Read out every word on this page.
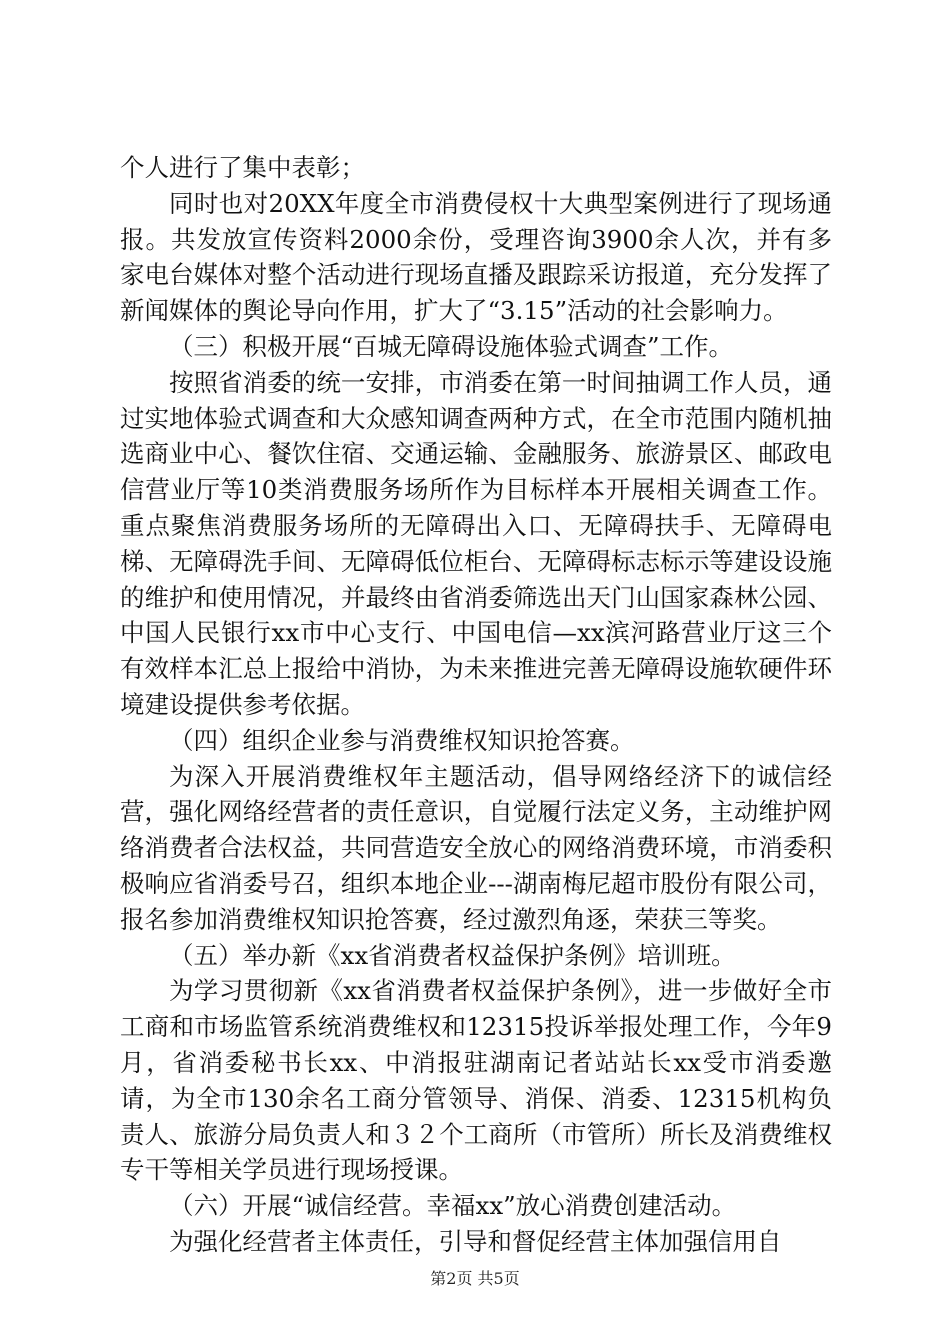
个人进行了集中表彰；

同时也对20XX年度全市消费侵权十大典型案例进行了现场通报。共发放宣传资料2000余份，受理咨询3900余人次，并有多家电台媒体对整个活动进行现场直播及跟踪采访报道，充分发挥了新闻媒体的舆论导向作用，扩大了“3.15”活动的社会影响力。

（三）积极开展“百城无障碍设施体验式调查”工作。

按照省消委的统一安排，市消委在第一时间抽调工作人员，通过实地体验式调查和大众感知调查两种方式，在全市范围内随机抽选商业中心、餐饮住宿、交通运输、金融服务、旅游景区、邮政电信营业厅等10类消费服务场所作为目标样本开展相关调查工作。重点聚焦消费服务场所的无障碍出入口、无障碍扶手、无障碍电梯、无障碍洗手间、无障碍低位柜台、无障碍标志标示等建设设施的维护和使用情况，并最终由省消委筛选出天门山国家森林公园、中国人民银行xx市中心支行、中国电信—xx滨河路营业厅这三个有效样本汇总上报给中消协，为未来推进完善无障碍设施软硬件环境建设提供参考依据。

（四）组织企业参与消费维权知识抢答赛。

为深入开展消费维权年主题活动，倡导网络经济下的诚信经营，强化网络经营者的责任意识，自觉履行法定义务，主动维护网络消费者合法权益，共同营造安全放心的网络消费环境，市消委积极响应省消委号召，组织本地企业---湖南梅尼超市股份有限公司，报名参加消费维权知识抢答赛，经过激烈角逐，荣获三等奖。

（五）举办新《xx省消费者权益保护条例》培训班。

为学习贯彻新《xx省消费者权益保护条例》，进一步做好全市工商和市场监管系统消费维权和12315投诉举报处理工作，今年9月，省消委秘书长xx、中消报驻湖南记者站站长xx受市消委邀请，为全市130余名工商分管领导、消保、消委、12315机构负责人、旅游分局负责人和３２个工商所（市管所）所长及消费维权专干等相关学员进行现场授课。

（六）开展“诚信经营。幸福xx”放心消费创建活动。

为强化经营者主体责任，引导和督促经营主体加强信用自

第2页 共5页
